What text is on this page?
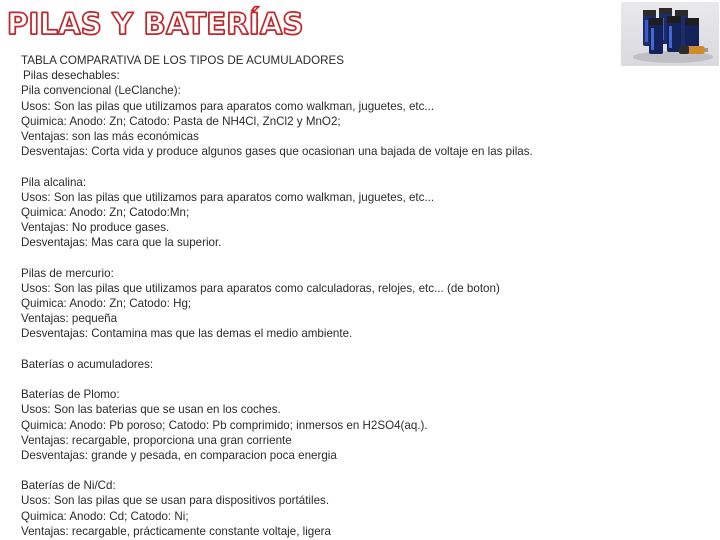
PILAS Y BATERÍAS
TABLA COMPARATIVA DE LOS TIPOS DE ACUMULADORES
Pilas desechables:
Pila convencional (LeClanche):
Usos: Son las pilas que utilizamos para aparatos como walkman, juguetes, etc...
Quimica: Anodo: Zn; Catodo: Pasta de NH4Cl, ZnCl2 y MnO2;
Ventajas: son las más económicas
Desventajas: Corta vida y produce algunos gases que ocasionan una bajada de voltaje en las pilas.
Pila alcalina:
Usos: Son las pilas que utilizamos para aparatos como walkman, juguetes, etc...
Quimica: Anodo: Zn; Catodo:Mn;
Ventajas: No produce gases.
Desventajas: Mas cara que la superior.
Pilas de mercurio:
Usos: Son las pilas que utilizamos para aparatos como calculadoras, relojes, etc... (de boton)
Quimica: Anodo: Zn; Catodo: Hg;
Ventajas: pequeña
Desventajas: Contamina mas que las demas el medio ambiente.
Baterías o acumuladores:
Baterías de Plomo:
Usos: Son las baterias que se usan en los coches.
Quimica: Anodo: Pb poroso; Catodo: Pb comprimido; inmersos en H2SO4(aq.).
Ventajas: recargable, proporciona una gran corriente
Desventajas: grande y pesada, en comparacion poca energia
Baterías de Ni/Cd:
Usos: Son las pilas que se usan para dispositivos portátiles.
Quimica: Anodo: Cd; Catodo: Ni;
Ventajas: recargable, prácticamente constante voltaje, ligera
